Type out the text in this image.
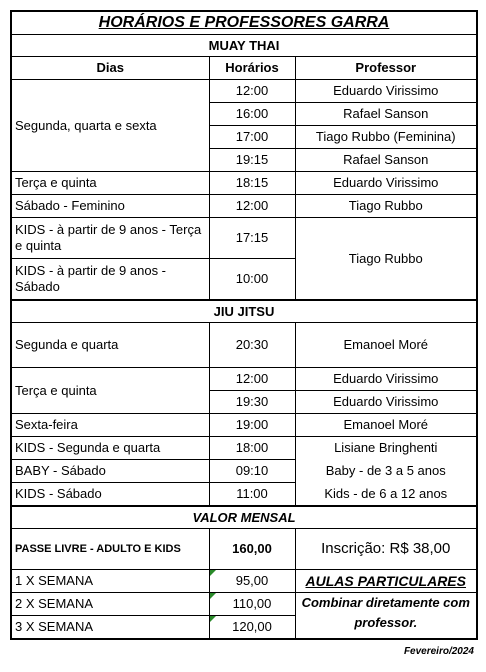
HORÁRIOS E PROFESSORES GARRA		
MUAY THAI		
Dias	Horários	Professor
Segunda, quarta e sexta	12:00	Eduardo Virissimo
	16:00	Rafael Sanson
	17:00	Tiago Rubbo (Feminina)
	19:15	Rafael Sanson
Terça e quinta	18:15	Eduardo Virissimo
Sábado - Feminino	12:00	Tiago Rubbo
KIDS - à partir de 9 anos - Terça e quinta	17:15	Tiago Rubbo
KIDS - à partir de 9 anos - Sábado	10:00	
JIU JITSU		
Segunda e quarta	20:30	Emanoel Moré
Terça e quinta	12:00	Eduardo Virissimo
	19:30	Eduardo Virissimo
Sexta-feira	19:00	Emanoel Moré
KIDS - Segunda e quarta	18:00	Lisiane Bringhenti
BABY - Sábado	09:10	Baby - de 3 a 5 anos
KIDS - Sábado	11:00	Kids - de 6 a 12 anos
VALOR MENSAL		
PASSE LIVRE - ADULTO E KIDS	160,00	Inscrição: R$ 38,00
1 X SEMANA	95,00	AULAS PARTICULARES
2 X SEMANA	110,00	Combinar diretamente com professor.
3 X SEMANA	120,00	
Fevereiro/2024
